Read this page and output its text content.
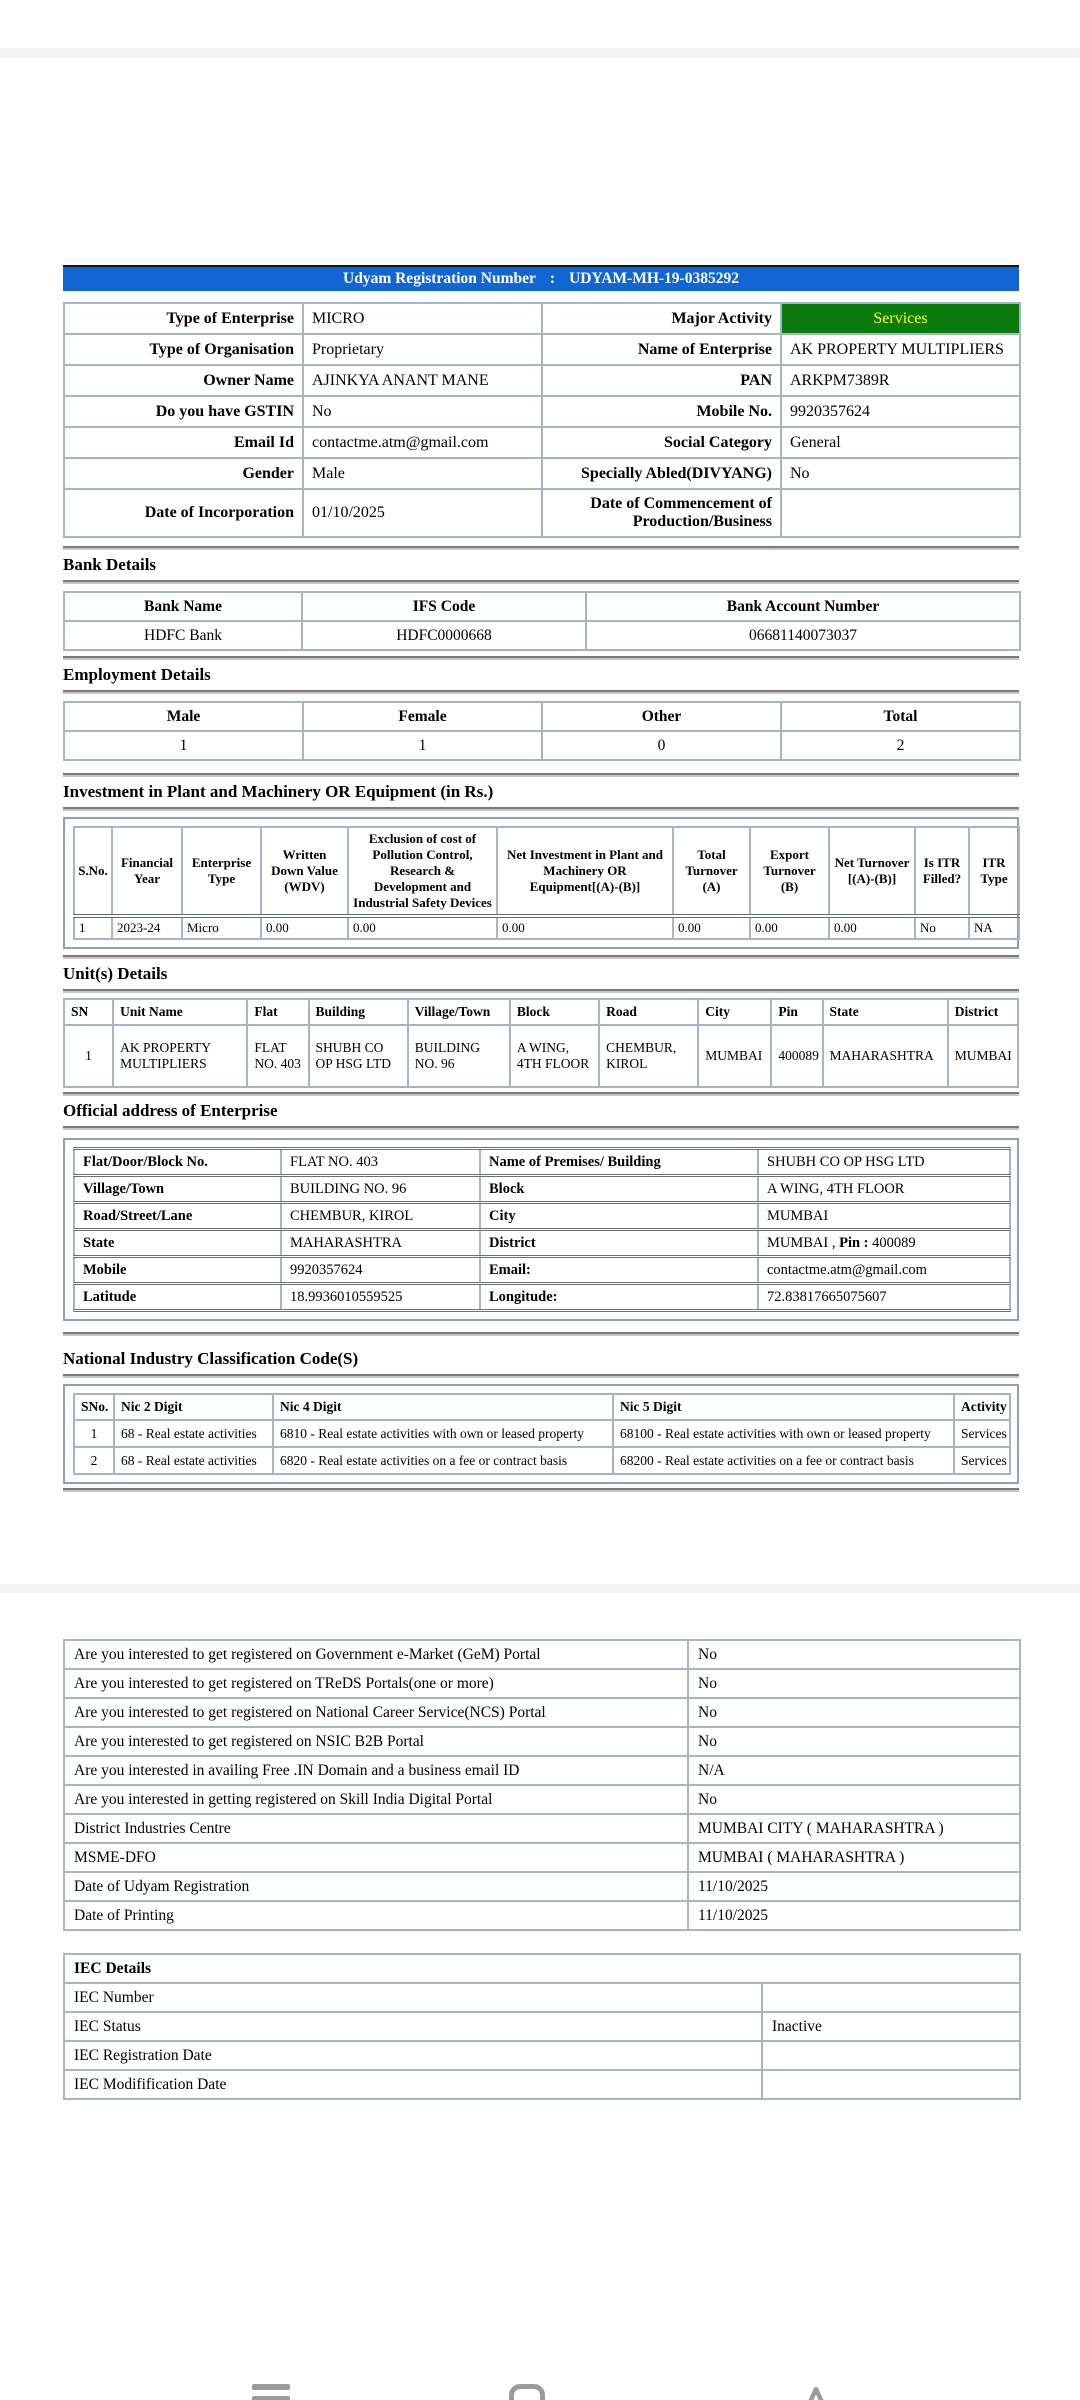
Udyam Registration Number : UDYAM-MH-19-0385292
Type of Enterprise	MICRO	Major Activity	Services
Type of Organisation	Proprietary	Name of Enterprise	AK PROPERTY MULTIPLIERS
Owner Name	AJINKYA ANANT MANE	PAN	ARKPM7389R
Do you have GSTIN	No	Mobile No.	9920357624
Email Id	contactme.atm@gmail.com	Social Category	General
Gender	Male	Specially Abled(DIVYANG)	No
Date of Incorporation	01/10/2025	Date of Commencement of Production/Business	
Bank Details
Bank Name	IFS Code	Bank Account Number
HDFC Bank	HDFC0000668	06681140073037
Employment Details
Male	Female	Other	Total
1	1	0	2
Investment in Plant and Machinery OR Equipment (in Rs.)
S.No.	Financial Year	Enterprise Type	Written Down Value (WDV)	Exclusion of cost of Pollution Control, Research & Development and Industrial Safety Devices	Net Investment in Plant and Machinery OR Equipment[(A)-(B)]	Total Turnover (A)	Export Turnover (B)	Net Turnover [(A)-(B)]	Is ITR Filled?	ITR Type
1	2023-24	Micro	0.00	0.00	0.00	0.00	0.00	0.00	No	NA
Unit(s) Details
SN	Unit Name	Flat	Building	Village/Town	Block	Road	City	Pin	State	District
1	AK PROPERTY MULTIPLIERS	FLAT NO. 403	SHUBH CO OP HSG LTD	BUILDING NO. 96	A WING, 4TH FLOOR	CHEMBUR, KIROL	MUMBAI	400089	MAHARASHTRA	MUMBAI
Official address of Enterprise
Flat/Door/Block No.	FLAT NO. 403	Name of Premises/ Building	SHUBH CO OP HSG LTD
Village/Town	BUILDING NO. 96	Block	A WING, 4TH FLOOR
Road/Street/Lane	CHEMBUR, KIROL	City	MUMBAI
State	MAHARASHTRA	District	MUMBAI , Pin : 400089
Mobile	9920357624	Email:	contactme.atm@gmail.com
Latitude	18.9936010559525	Longitude:	72.83817665075607
National Industry Classification Code(S)
SNo.	Nic 2 Digit	Nic 4 Digit	Nic 5 Digit	Activity
1	68 - Real estate activities	6810 - Real estate activities with own or leased property	68100 - Real estate activities with own or leased property	Services
2	68 - Real estate activities	6820 - Real estate activities on a fee or contract basis	68200 - Real estate activities on a fee or contract basis	Services
Are you interested to get registered on Government e-Market (GeM) Portal	No
Are you interested to get registered on TReDS Portals(one or more)	No
Are you interested to get registered on National Career Service(NCS) Portal	No
Are you interested to get registered on NSIC B2B Portal	No
Are you interested in availing Free .IN Domain and a business email ID	N/A
Are you interested in getting registered on Skill India Digital Portal	No
District Industries Centre	MUMBAI CITY ( MAHARASHTRA )
MSME-DFO	MUMBAI ( MAHARASHTRA )
Date of Udyam Registration	11/10/2025
Date of Printing	11/10/2025
IEC Details	
IEC Number	
IEC Status	Inactive
IEC Registration Date	
IEC Modifification Date	
